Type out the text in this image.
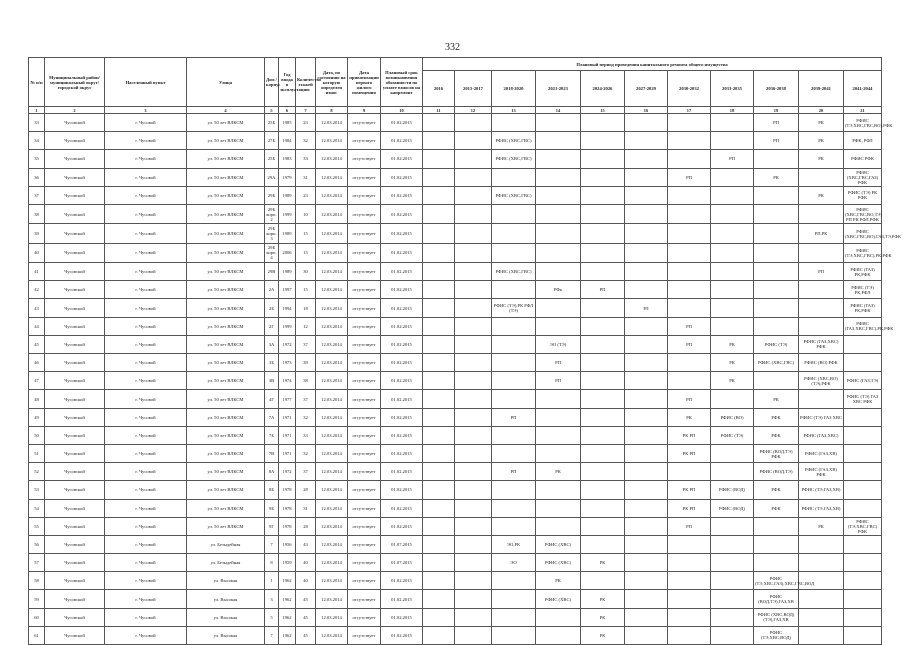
332
№ п/п	Муниципальный район/ муниципальный округ/городской округ	Населенный пункт	Улица	Дом / корпус	Год ввода в эксплуатацию	Количество этажей	Дата, по состоянию на которую определен износ	Дата приватизации первого жилого помещения	Плановый срок возникновения обязанности по уплате взносов на капремонт	Плановый период проведения капитального ремонта общего имущества										
										2016	2015-2017	2018-2020	2021-2023	2024-2026	2027-2029	2030-2032	2033-2035	2036-2038	2039-2041	2041-2044
1	2	3	4	5	6	7	8	9	10	11	12	13	14	15	16	17	18	19	20	21
33	Чусовской	г. Чусовой	ул. 50 лет ВЛКСМ	25Б	1985	23	12.03.2014	отсутствует	01.02.2015									РП	РК	РФИС (ТЭ,ХВС,ГВС,ВО),РФК
34	Чусовской	г. Чусовой	ул. 50 лет ВЛКСМ	27Б	1984	32	12.03.2014	отсутствует	01.02.2015			РФИС (ХВС,ГВС)						РП	РК	РФК, РФЛ
35	Чусовской	г. Чусовой	ул. 50 лет ВЛКСМ	25Б	1983	33	12.03.2014	отсутствует	01.02.2015			РФИС (ХВС,ГВС)					РП		РК	РФИС РФК
36	Чусовской	г. Чусовой	ул. 50 лет ВЛКСМ	29А	1979	31	12.03.2014	отсутствует	01.02.2015							РП		РК		РФИС (ХВС,ГВС,ГАЗ) РФК
37	Чусовской	г. Чусовой	ул. 50 лет ВЛКСМ	29Б	1989	23	12.03.2014	отсутствует	01.02.2015			РФИС (ХВС,ГВС)							РК	РФИС (ТЭ) РК РФК
38	Чусовской	г. Чусовой	ул. 50 лет ВЛКСМ	29Б корп. 2	1999	10	12.03.2014	отсутствует	01.02.2015											РФИС (ХВС,ГВС,ВО,ТЭ) РП РК РФЛ,РФК
39	Чусовской	г. Чусовой	ул. 50 лет ВЛКСМ	29Б корп. 3	1989	15	12.03.2014	отсутствует	01.02.2015										РП,РК	РФИС (ХВС,ГВС,ВО),ГАЗ,ТЭ,РФК
40	Чусовской	г. Чусовой	ул. 50 лет ВЛКСМ	29Б корп. 4	2006	15	12.03.2014	отсутствует	01.02.2015											РФИС (ТЭ,ХВС,ГВС),РК,РФК
41	Чусовской	г. Чусовой	ул. 50 лет ВЛКСМ	29В	1989	30	12.03.2014	отсутствует	01.02.2015			РФИС (ХВС,ГВС)							РП	РФИС (ГАЗ) РК,РФК
42	Чусовской	г. Чусовой	ул. 50 лет ВЛКСМ	2А	1997	15	12.03.2014	отсутствует	01.02.2015				РФк	РП						РФИС (ТЭ) РК,РФЛ
43	Чусовской	г. Чусовой	ул. 50 лет ВЛКСМ	2Б	1994	18	12.03.2014	отсутствует	01.02.2015			РФИС (ТЭ),РК РФЛ (ТЭ)			РЛ					РФИС (ГАЗ) РК,РФК
44	Чусовской	г. Чусовой	ул. 50 лет ВЛКСМ	2Г	1999	12	12.03.2014	отсутствует	01.02.2015							РП				РФИС (ГАЗ,ХВС,ГВС),РК,РФК
45	Чусовской	г. Чусовой	ул. 50 лет ВЛКСМ	3А	1972	37	12.03.2014	отсутствует	01.02.2015				ЭО (ТЭ)			РП	РК	РФИС (ТЭ)	РФИС (ГАЗ,ХВС) РФК	
46	Чусовской	г. Чусовой	ул. 50 лет ВЛКСМ	3Б	1973	39	12.03.2014	отсутствует	01.02.2015				РП				РК	РФИС (ХВС,ГВС)	РФИС (ВО) РФК	
47	Чусовской	г. Чусовой	ул. 50 лет ВЛКСМ	3В	1974	38	12.03.2014	отсутствует	01.02.2015				РП				РК		РФИС (ХВС,ВО) (ТЭ),РФК	РФИС (ГАЗ,ТЭ)
48	Чусовской	г. Чусовой	ул. 50 лет ВЛКСМ	4Г	1977	37	12.03.2014	отсутствует	01.02.2015							РП		РК		РФИС (ТЭ) ГАЗ ХВС РФК
49	Чусовской	г. Чусовой	ул. 50 лет ВЛКСМ	7А	1971	32	12.03.2014	отсутствует	01.02.2015			РП				РК	РФИС (ВО)	РФК	РФИС (ТЭ) ГАЗ ХВС	
50	Чусовской	г. Чусовой	ул. 50 лет ВЛКСМ	7Б	1971	33	12.03.2014	отсутствует	01.02.2015							РК РП	РФИС (ТЭ)	РФК	РФИС (ГАЗ,ХВС)	
51	Чусовской	г. Чусовой	ул. 50 лет ВЛКСМ	7В	1971	32	12.03.2014	отсутствует	01.02.2015							РК РП		РФИС (ВОД,ТЭ) РФК	РФИС (ГАЗ,ХВ)	
52	Чусовской	г. Чусовой	ул. 50 лет ВЛКСМ	8А	1972	37	12.03.2014	отсутствует	01.02.2015			РП	РК					РФИС (ВОД,ТЭ)	РФИС (ГАЗ,ХВ) РФК	
53	Чусовской	г. Чусовой	ул. 50 лет ВЛКСМ	8Б	1978	28	12.03.2014	отсутствует	01.02.2015							РК РП	РФИС (ВОД)	РФК	РФИС (ТЭ,ГАЗ,ХВ)	
54	Чусовской	г. Чусовой	ул. 50 лет ВЛКСМ	9Б	1978	31	12.03.2014	отсутствует	01.02.2015							РК РП	РФИС (ВОД)	РФК	РФИС (ТЭ,ГАЗ,ХВ)	
55	Чусовской	г. Чусовой	ул. 50 лет ВЛКСМ	9Г	1978	28	12.03.2014	отсутствует	01.02.2015							РП			РК	РФИС (ТЭ,ХВС,ГВС) РФК
56	Чусовской	г. Чусовой	ул. Безыдейная	7	1956	43	12.03.2014	отсутствует	01.07.2015			ЭО,РК	РФИС (ХВС)							
57	Чусовской	г. Чусовой	ул. Безыдейная	8	1959	40	12.03.2014	отсутствует	01.07.2015			ЭО	РФИС (ХВС)	РК						
58	Чусовской	г. Чусовой	ул. Высокая	1	1962	40	12.03.2014	отсутствует	01.02.2015				РК					РФИС (ТЭ,ХВС,ГАЗ),ХВС,ГВС,ВОД		
59	Чусовской	г. Чусовой	ул. Высокая	3	1962	45	12.03.2014	отсутствует	01.02.2015				РФИС (ХВС)	РК				РФИС (ВОД,ТЭ),ГАЗ,ХВ		
60	Чусовской	г. Чусовой	ул. Высокая	5	1962	45	12.03.2014	отсутствует	01.02.2015					РК				РФИС (ХВС,ВОД) (ТЭ),ГАЗ,ХВ		
61	Чусовской	г. Чусовой	ул. Высокая	7	1962	45	12.03.2014	отсутствует	01.02.2015					РК				РФИС (ТЭ,ХВС,ВОД)		
